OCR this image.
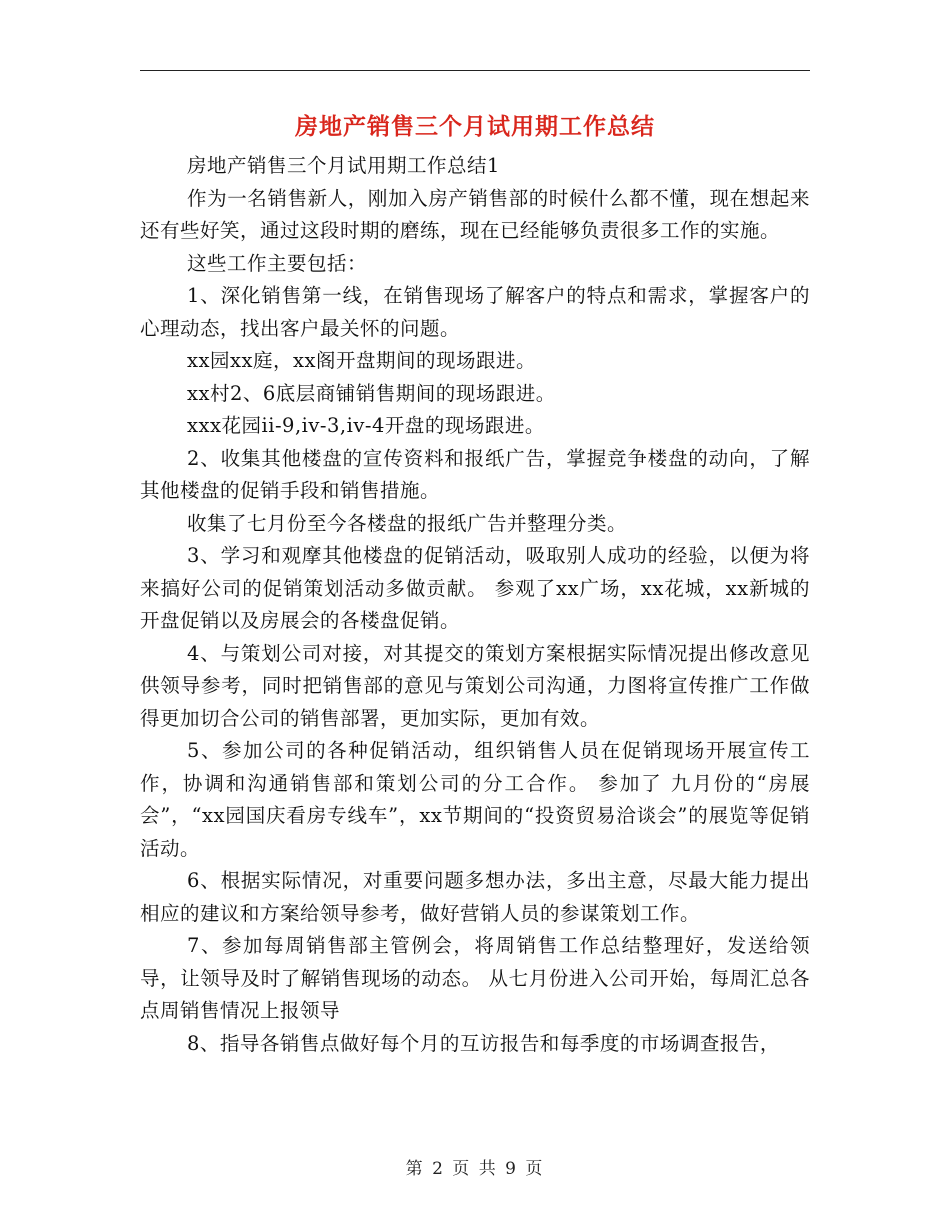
房地产销售三个月试用期工作总结

房地产销售三个月试用期工作总结1

作为一名销售新人，刚加入房产销售部的时候什么都不懂，现在想起来还有些好笑，通过这段时期的磨练，现在已经能够负责很多工作的实施。

这些工作主要包括：

1、深化销售第一线，在销售现场了解客户的特点和需求，掌握客户的心理动态，找出客户最关怀的问题。

xx园xx庭，xx阁开盘期间的现场跟进。

xx村2、6底层商铺销售期间的现场跟进。

xxx花园ii-9,iv-3,iv-4开盘的现场跟进。

2、收集其他楼盘的宣传资料和报纸广告，掌握竞争楼盘的动向，了解其他楼盘的促销手段和销售措施。

收集了七月份至今各楼盘的报纸广告并整理分类。

3、学习和观摩其他楼盘的促销活动，吸取别人成功的经验，以便为将来搞好公司的促销策划活动多做贡献。 参观了xx广场，xx花城，xx新城的开盘促销以及房展会的各楼盘促销。

4、与策划公司对接，对其提交的策划方案根据实际情况提出修改意见供领导参考，同时把销售部的意见与策划公司沟通，力图将宣传推广工作做得更加切合公司的销售部署，更加实际，更加有效。

5、参加公司的各种促销活动，组织销售人员在促销现场开展宣传工作，协调和沟通销售部和策划公司的分工合作。 参加了 九月份的“房展会”，“xx园国庆看房专线车”，xx节期间的“投资贸易洽谈会”的展览等促销活动。

6、根据实际情况，对重要问题多想办法，多出主意，尽最大能力提出相应的建议和方案给领导参考，做好营销人员的参谋策划工作。

7、参加每周销售部主管例会，将周销售工作总结整理好，发送给领导，让领导及时了解销售现场的动态。 从七月份进入公司开始，每周汇总各点周销售情况上报领导

8、指导各销售点做好每个月的互访报告和每季度的市场调查报告，

第 2 页 共 9 页
